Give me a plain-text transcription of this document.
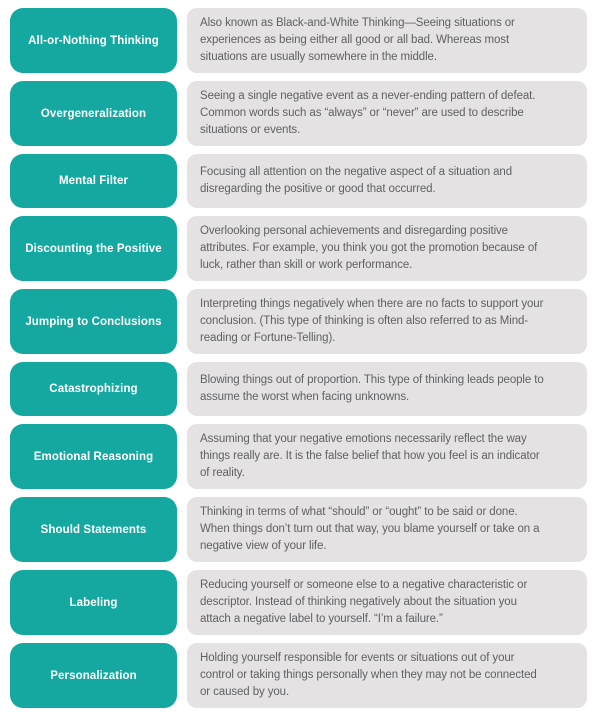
All-or-Nothing Thinking
Also known as Black-and-White Thinking—Seeing situations or
experiences as being either all good or all bad. Whereas most
situations are usually somewhere in the middle.
Overgeneralization
Seeing a single negative event as a never-ending pattern of defeat.
Common words such as “always” or “never” are used to describe
situations or events.
Mental Filter
Focusing all attention on the negative aspect of a situation and
disregarding the positive or good that occurred.
Discounting the Positive
Overlooking personal achievements and disregarding positive
attributes. For example, you think you got the promotion because of
luck, rather than skill or work performance.
Jumping to Conclusions
Interpreting things negatively when there are no facts to support your
conclusion. (This type of thinking is often also referred to as Mind-
reading or Fortune-Telling).
Catastrophizing
Blowing things out of proportion. This type of thinking leads people to
assume the worst when facing unknowns.
Emotional Reasoning
Assuming that your negative emotions necessarily reflect the way
things really are. It is the false belief that how you feel is an indicator
of reality.
Should Statements
Thinking in terms of what “should” or “ought” to be said or done.
When things don’t turn out that way, you blame yourself or take on a
negative view of your life.
Labeling
Reducing yourself or someone else to a negative characteristic or
descriptor. Instead of thinking negatively about the situation you
attach a negative label to yourself. “I’m a failure.”
Personalization
Holding yourself responsible for events or situations out of your
control or taking things personally when they may not be connected
or caused by you.
